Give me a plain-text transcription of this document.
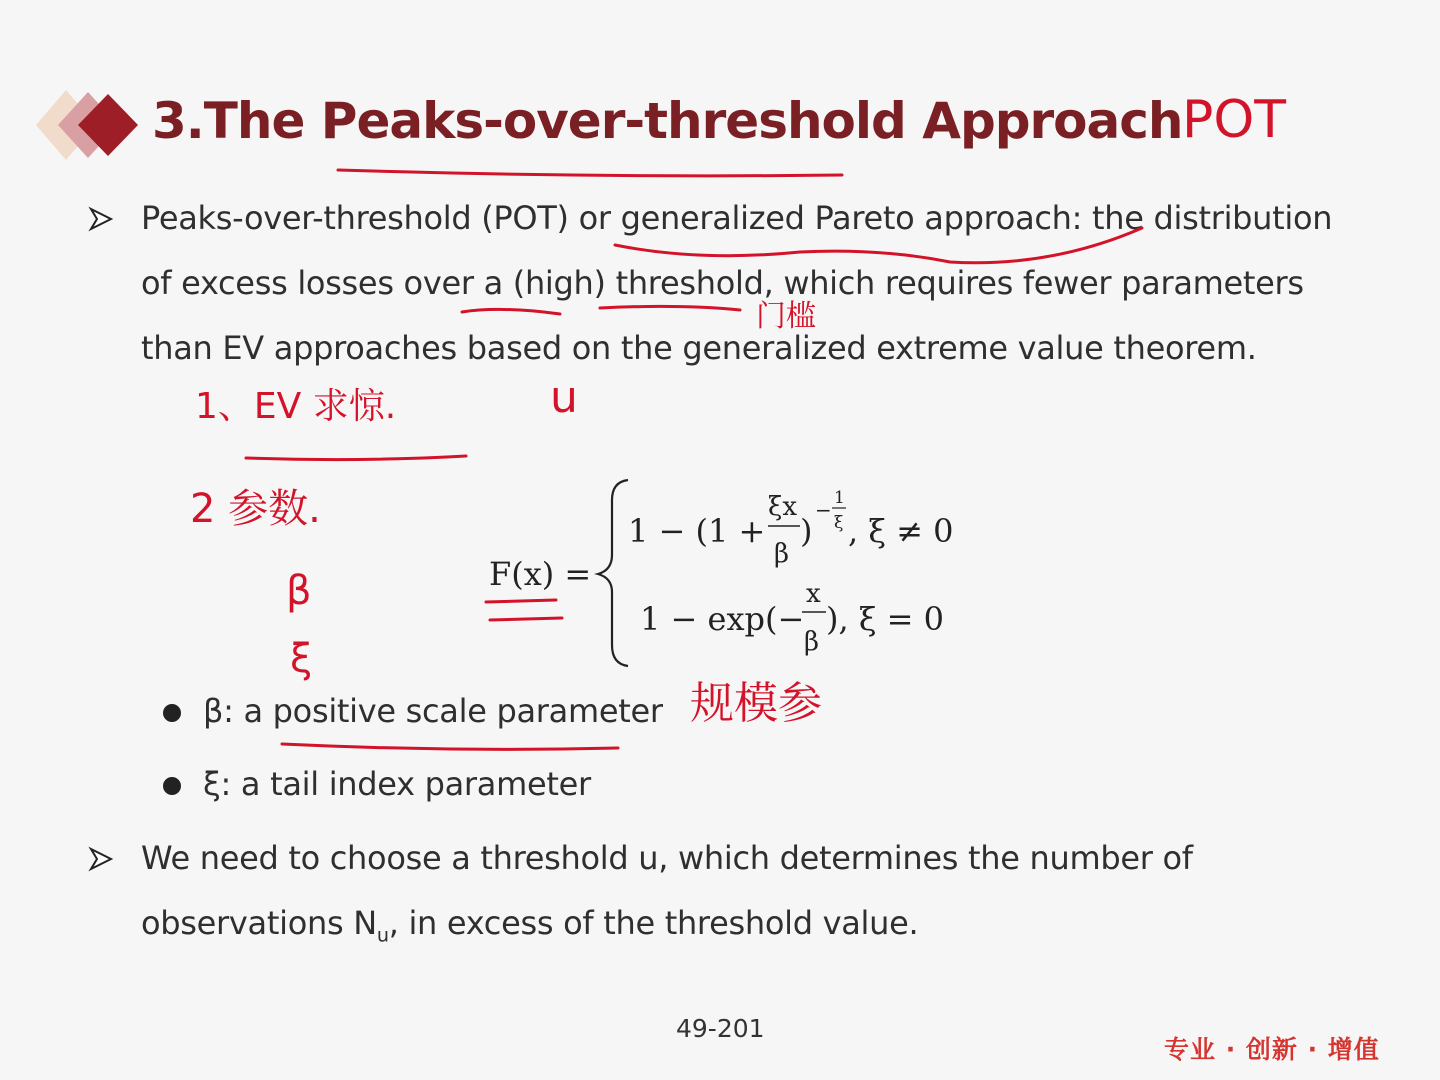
3.The Peaks-over-threshold Approach
Peaks-over-threshold (POT) or generalized Pareto approach: the distribution
of excess losses over a (high) threshold, which requires fewer parameters
than EV approaches based on the generalized extreme value theorem.
F(x) =
1 − (1 +
ξx
β
)
− 1
ξ , ξ ≠ 0
1 − exp(−
x
β
), ξ = 0
β: a positive scale parameter
ξ: a tail index parameter
We need to choose a threshold u, which determines the number of
observations $N_u$, in excess of the threshold value.
49-201
专业 · 创新 · 增值
POT
门槛
1、EV 求惊.	u
2 参数.
β
ξ
规模参
